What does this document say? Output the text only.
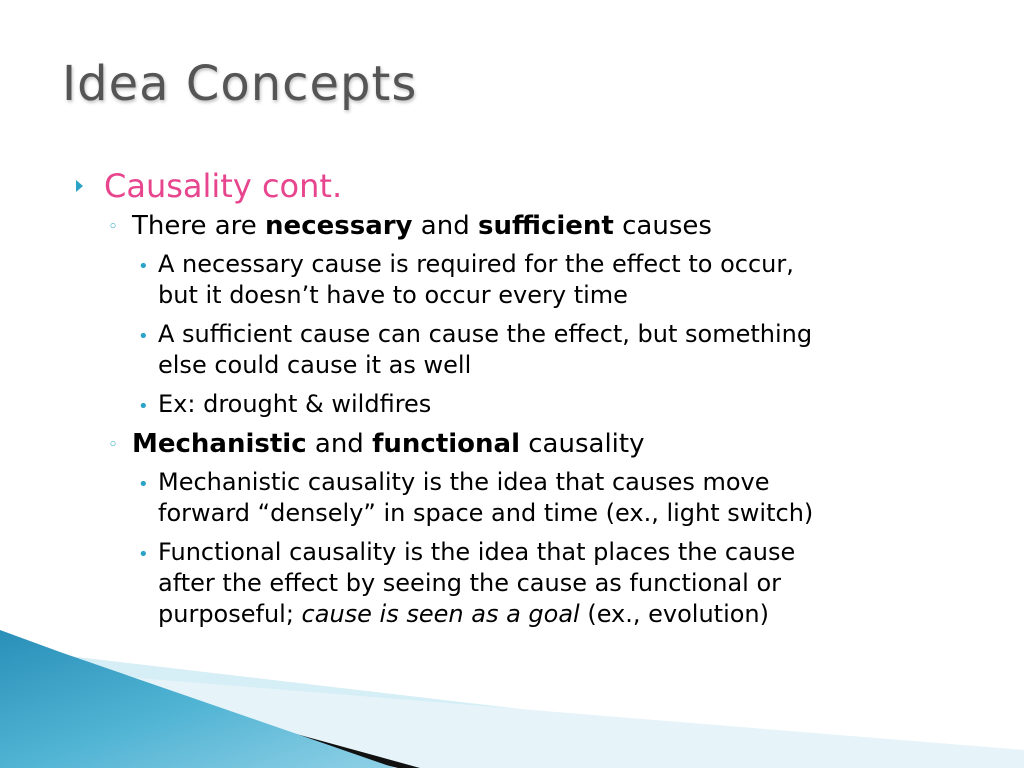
Idea Concepts
Causality cont.
◦ There are necessary and sufficient causes
• A necessary cause is required for the effect to occur,
but it doesn’t have to occur every time
• A sufficient cause can cause the effect, but something
else could cause it as well
• Ex: drought & wildfires
◦ Mechanistic and functional causality
• Mechanistic causality is the idea that causes move
forward “densely” in space and time (ex., light switch)
• Functional causality is the idea that places the cause
after the effect by seeing the cause as functional or
purposeful; cause is seen as a goal (ex., evolution)
